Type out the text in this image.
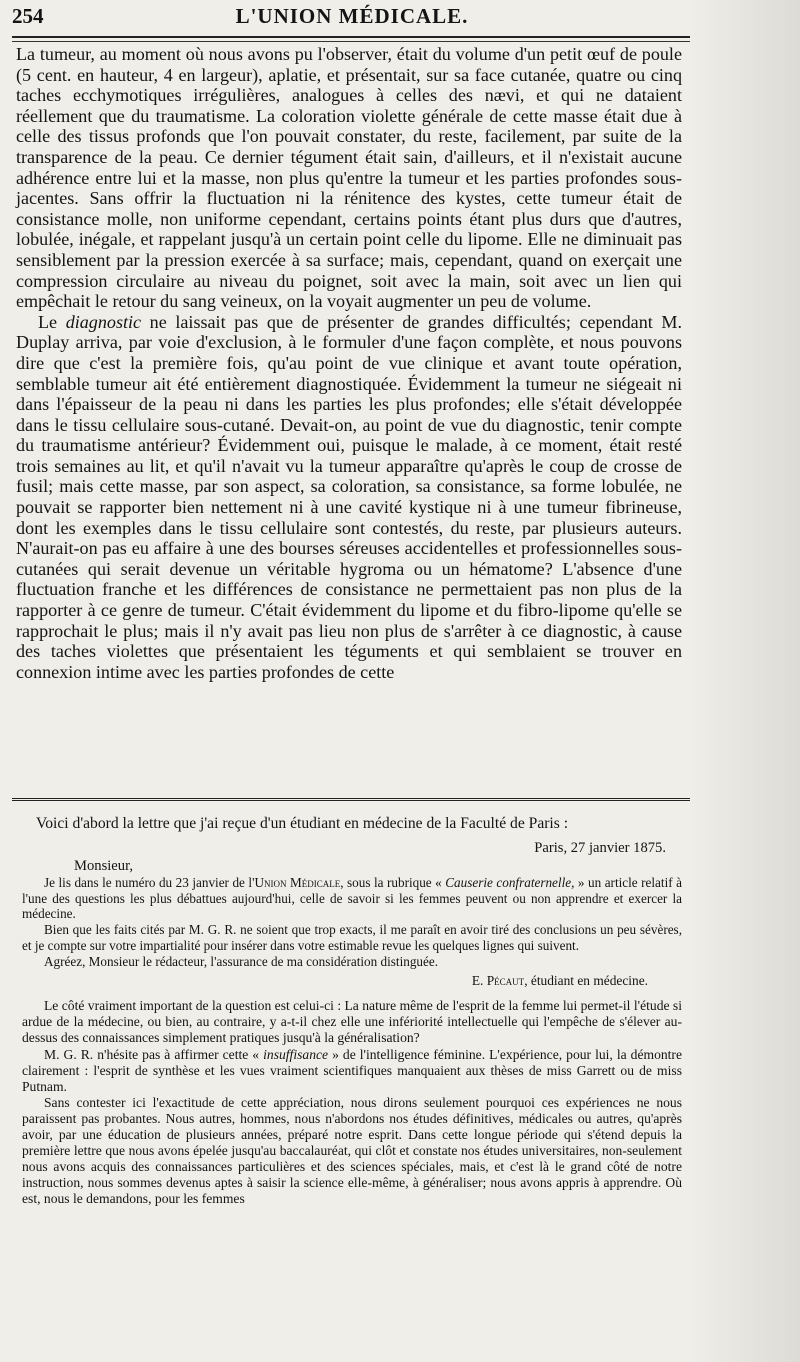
254	L'UNION MÉDICALE.

La tumeur, au moment où nous avons pu l'observer, était du volume d'un petit œuf de poule (5 cent. en hauteur, 4 en largeur), aplatie, et présentait, sur sa face cutanée, quatre ou cinq taches ecchymotiques irrégulières, analogues à celles des nævi, et qui ne dataient réellement que du traumatisme. La coloration violette générale de cette masse était due à celle des tissus profonds que l'on pouvait constater, du reste, facilement, par suite de la transparence de la peau. Ce dernier tégument était sain, d'ailleurs, et il n'existait aucune adhérence entre lui et la masse, non plus qu'entre la tumeur et les parties profondes sous-jacentes. Sans offrir la fluctuation ni la rénitence des kystes, cette tumeur était de consistance molle, non uniforme cependant, certains points étant plus durs que d'autres, lobulée, inégale, et rappelant jusqu'à un certain point celle du lipome. Elle ne diminuait pas sensiblement par la pression exercée à sa surface; mais, cependant, quand on exerçait une compression circulaire au niveau du poignet, soit avec la main, soit avec un lien qui empêchait le retour du sang veineux, on la voyait augmenter un peu de volume.

Le diagnostic ne laissait pas que de présenter de grandes difficultés; cependant M. Duplay arriva, par voie d'exclusion, à le formuler d'une façon complète, et nous pouvons dire que c'est la première fois, qu'au point de vue clinique et avant toute opération, semblable tumeur ait été entièrement diagnostiquée. Évidemment la tumeur ne siégeait ni dans l'épaisseur de la peau ni dans les parties les plus profondes; elle s'était développée dans le tissu cellulaire sous-cutané. Devait-on, au point de vue du diagnostic, tenir compte du traumatisme antérieur? Évidemment oui, puisque le malade, à ce moment, était resté trois semaines au lit, et qu'il n'avait vu la tumeur apparaître qu'après le coup de crosse de fusil; mais cette masse, par son aspect, sa coloration, sa consistance, sa forme lobulée, ne pouvait se rapporter bien nettement ni à une cavité kystique ni à une tumeur fibrineuse, dont les exemples dans le tissu cellulaire sont contestés, du reste, par plusieurs auteurs. N'aurait-on pas eu affaire à une des bourses séreuses accidentelles et professionnelles sous-cutanées qui serait devenue un véritable hygroma ou un hématome? L'absence d'une fluctuation franche et les différences de consistance ne permettaient pas non plus de la rapporter à ce genre de tumeur. C'était évidemment du lipome et du fibro-lipome qu'elle se rapprochait le plus; mais il n'y avait pas lieu non plus de s'arrêter à ce diagnostic, à cause des taches violettes que présentaient les téguments et qui semblaient se trouver en connexion intime avec les parties profondes de cette

Voici d'abord la lettre que j'ai reçue d'un étudiant en médecine de la Faculté de Paris :

Paris, 27 janvier 1875.

Monsieur,

Je lis dans le numéro du 23 janvier de l'Union Médicale, sous la rubrique « Causerie confraternelle, » un article relatif à l'une des questions les plus débattues aujourd'hui, celle de savoir si les femmes peuvent ou non apprendre et exercer la médecine.

Bien que les faits cités par M. G. R. ne soient que trop exacts, il me paraît en avoir tiré des conclusions un peu sévères, et je compte sur votre impartialité pour insérer dans votre estimable revue les quelques lignes qui suivent.

Agréez, Monsieur le rédacteur, l'assurance de ma considération distinguée.

E. Pécaut, étudiant en médecine.

Le côté vraiment important de la question est celui-ci : La nature même de l'esprit de la femme lui permet-il l'étude si ardue de la médecine, ou bien, au contraire, y a-t-il chez elle une infériorité intellectuelle qui l'empêche de s'élever au-dessus des connaissances simplement pratiques jusqu'à la généralisation?

M. G. R. n'hésite pas à affirmer cette « insuffisance » de l'intelligence féminine. L'expérience, pour lui, la démontre clairement : l'esprit de synthèse et les vues vraiment scientifiques manquaient aux thèses de miss Garrett ou de miss Putnam.

Sans contester ici l'exactitude de cette appréciation, nous dirons seulement pourquoi ces expériences ne nous paraissent pas probantes. Nous autres, hommes, nous n'abordons nos études définitives, médicales ou autres, qu'après avoir, par une éducation de plusieurs années, préparé notre esprit. Dans cette longue période qui s'étend depuis la première lettre que nous avons épelée jusqu'au baccalauréat, qui clôt et constate nos études universitaires, non-seulement nous avons acquis des connaissances particulières et des sciences spéciales, mais, et c'est là le grand côté de notre instruction, nous sommes devenus aptes à saisir la science elle-même, à généraliser; nous avons appris à apprendre. Où est, nous le demandons, pour les femmes
